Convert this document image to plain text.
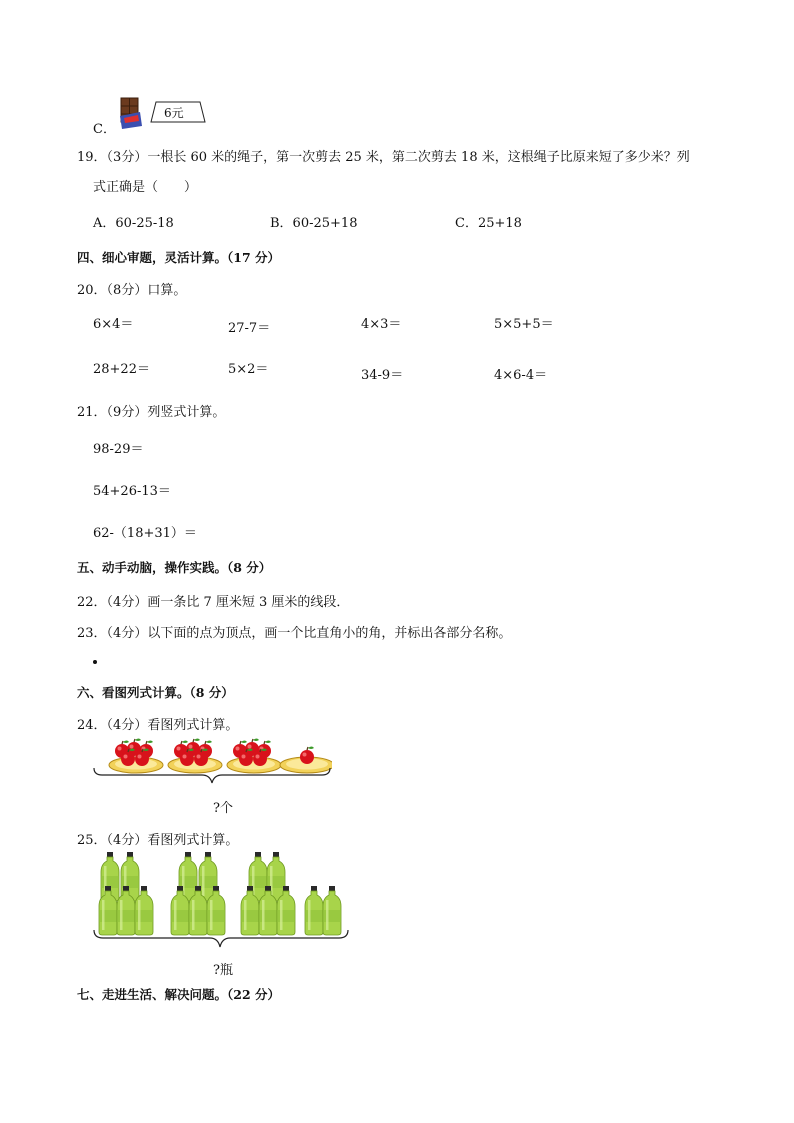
C．
6元
19．（3分）一根长 60 米的绳子，第一次剪去 25 米，第二次剪去 18 米，这根绳子比原来短了多少米？列
式正确是（　　）
A．60-25-18	B．60-25+18	C．25+18
四、细心审题，灵活计算。（17 分）
20．（8分）口算。
6×4＝	27-7＝	4×3＝	5×5+5＝
28+22＝	5×2＝	34-9＝	4×6-4＝
21．（9分）列竖式计算。
98-29＝
54+26-13＝
62-（18+31）＝
五、动手动脑，操作实践。（8 分）
22．（4分）画一条比 7 厘米短 3 厘米的线段．
23．（4分）以下面的点为顶点，画一个比直角小的角，并标出各部分名称。
六、看图列式计算。（8 分）
24．（4分）看图列式计算。
?个
25．（4分）看图列式计算。
?瓶
七、走进生活、解决问题。（22 分）
